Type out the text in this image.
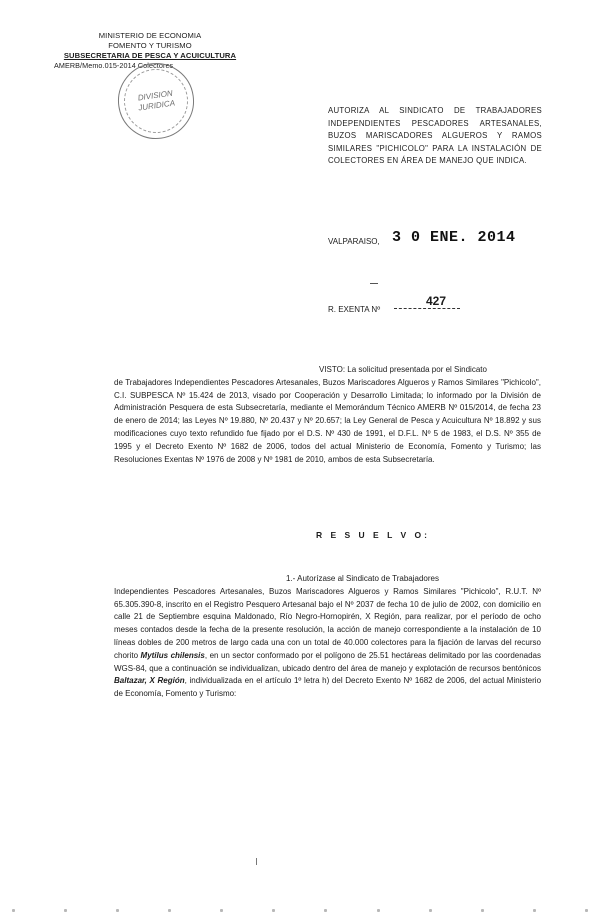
MINISTERIO DE ECONOMIA
FOMENTO Y TURISMO
SUBSECRETARIA DE PESCA Y ACUICULTURA
AMERB/Memo.015-2014 Colectores
DIVISION
JURIDICA	AUTORIZA AL SINDICATO DE TRABAJADORES INDEPENDIENTES PESCADORES ARTESANALES, BUZOS MARISCADORES ALGUEROS Y RAMOS SIMILARES "PICHICOLO" PARA LA INSTALACIÓN DE COLECTORES EN ÁREA DE MANEJO QUE INDICA.
VALPARAISO, 3 0 ENE. 2014
R. EXENTA Nº
427
VISTO: La solicitud presentada por el Sindicato
de Trabajadores Independientes Pescadores Artesanales, Buzos Mariscadores Algueros y Ramos Similares "Pichicolo", C.I. SUBPESCA Nº 15.424 de 2013, visado por Cooperación y Desarrollo Limitada; lo informado por la División de Administración Pesquera de esta Subsecretaría, mediante el Memorándum Técnico AMERB Nº 015/2014, de fecha 23 de enero de 2014; las Leyes Nº 19.880, Nº 20.437 y Nº 20.657; la Ley General de Pesca y Acuicultura Nº 18.892 y sus modificaciones cuyo texto refundido fue fijado por el D.S. Nº 430 de 1991, el D.F.L. Nº 5 de 1983, el D.S. Nº 355 de 1995 y el Decreto Exento Nº 1682 de 2006, todos del actual Ministerio de Economía, Fomento y Turismo; las Resoluciones Exentas Nº 1976 de 2008 y Nº 1981 de 2010, ambos de esta Subsecretaría.
R E S U E L V O:
1.- Autorízase al Sindicato de Trabajadores
Independientes Pescadores Artesanales, Buzos Mariscadores Algueros y Ramos Similares "Pichicolo", R.U.T. Nº 65.305.390-8, inscrito en el Registro Pesquero Artesanal bajo el Nº 2037 de fecha 10 de julio de 2002, con domicilio en calle 21 de Septiembre esquina Maldonado, Río Negro-Hornopirén, X Región, para realizar, por el período de ocho meses contados desde la fecha de la presente resolución, la acción de manejo correspondiente a la instalación de 10 líneas dobles de 200 metros de largo cada una con un total de 40.000 colectores para la fijación de larvas del recurso chorito Mytilus chilensis, en un sector conformado por el polígono de 25.51 hectáreas delimitado por las coordenadas WGS-84, que a continuación se individualizan, ubicado dentro del área de manejo y explotación de recursos bentónicos Baltazar, X Región, individualizada en el artículo 1º letra h) del Decreto Exento Nº 1682 de 2006, del actual Ministerio de Economía, Fomento y Turismo:
